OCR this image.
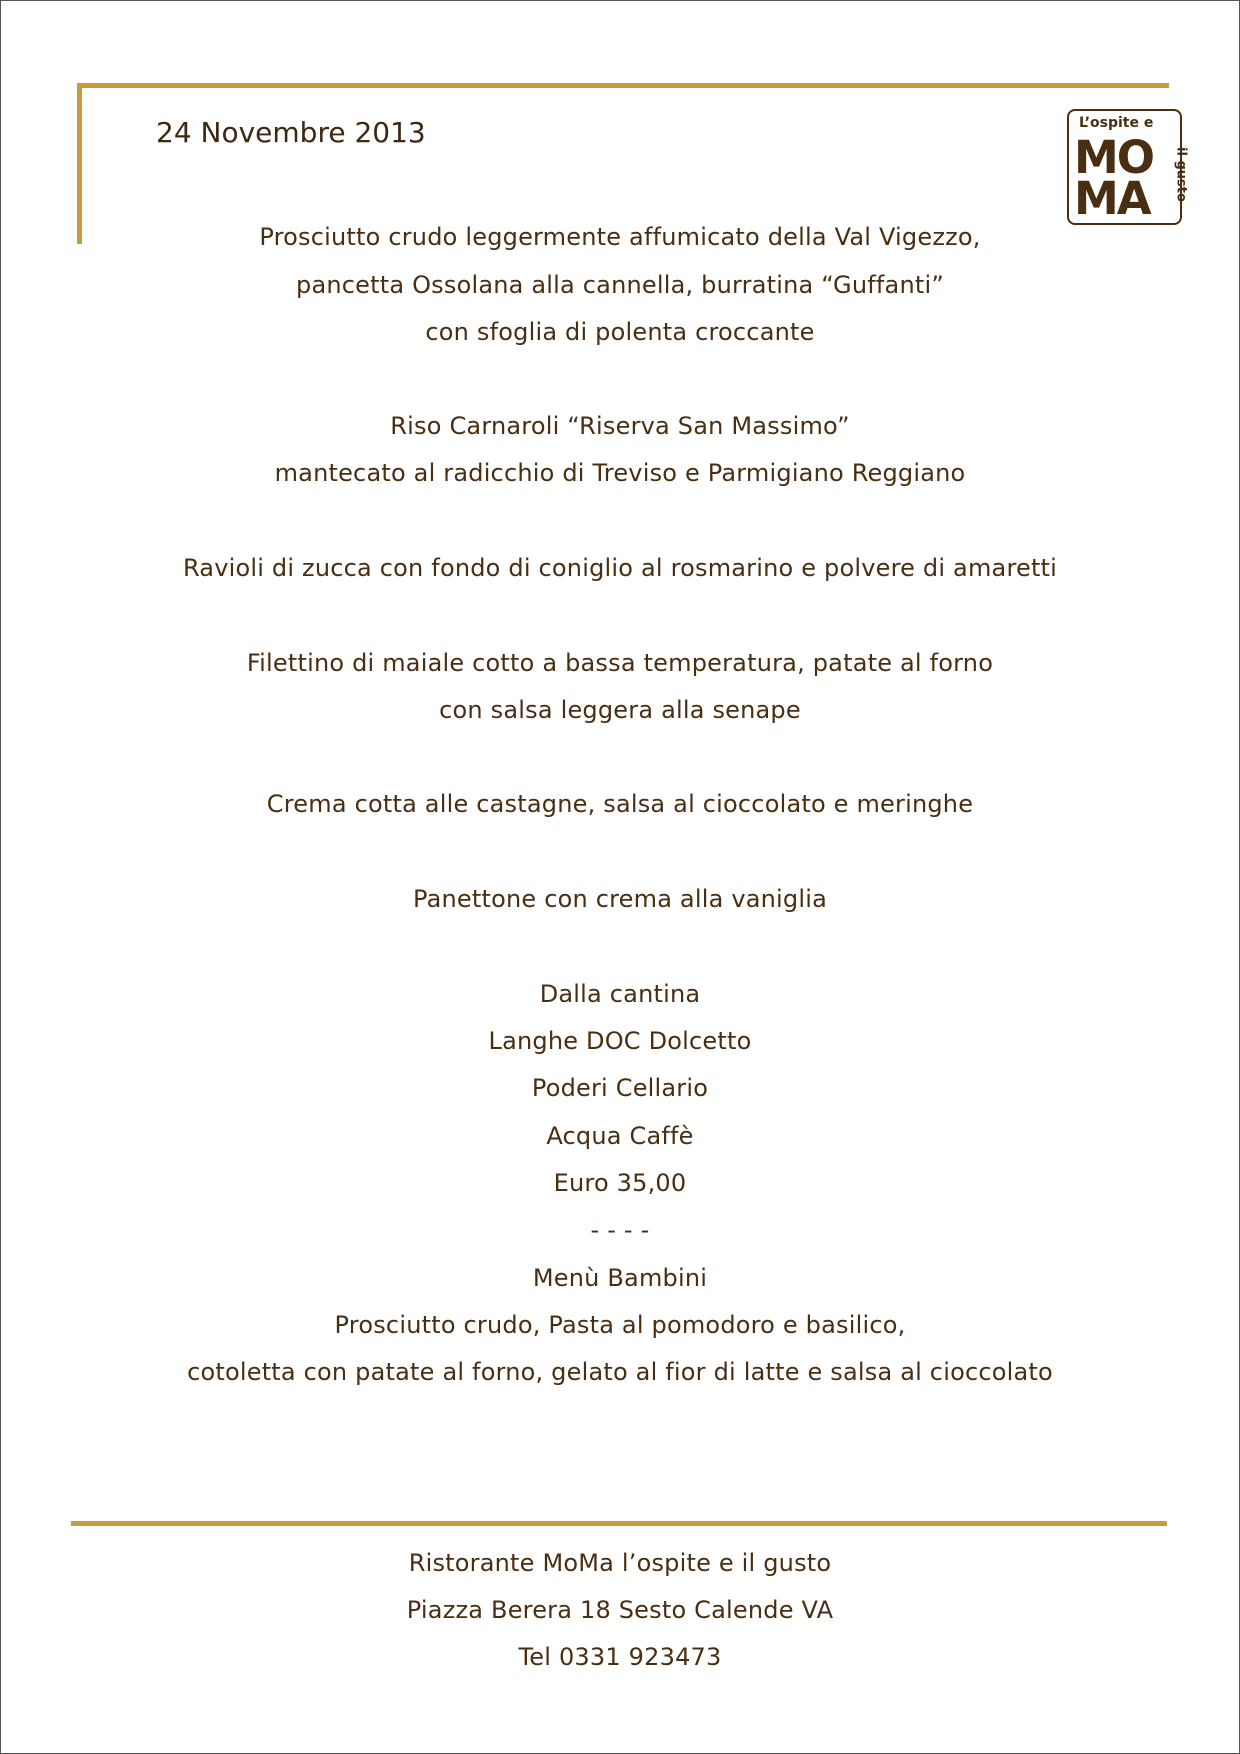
24 Novembre 2013	L’ospite e
MO
MA il gusto
Prosciutto crudo leggermente affumicato della Val Vigezzo,
pancetta Ossolana alla cannella, burratina “Guffanti”
con sfoglia di polenta croccante
Riso Carnaroli “Riserva San Massimo”
mantecato al radicchio di Treviso e Parmigiano Reggiano
Ravioli di zucca con fondo di coniglio al rosmarino e polvere di amaretti
Filettino di maiale cotto a bassa temperatura, patate al forno
con salsa leggera alla senape
Crema cotta alle castagne, salsa al cioccolato e meringhe
Panettone con crema alla vaniglia
Dalla cantina
Langhe DOC Dolcetto
Poderi Cellario
Acqua Caffè
Euro 35,00
- - - -
Menù Bambini
Prosciutto crudo, Pasta al pomodoro e basilico,
cotoletta con patate al forno, gelato al fior di latte e salsa al cioccolato
Ristorante MoMa l’ospite e il gusto
Piazza Berera 18 Sesto Calende VA
Tel 0331 923473
